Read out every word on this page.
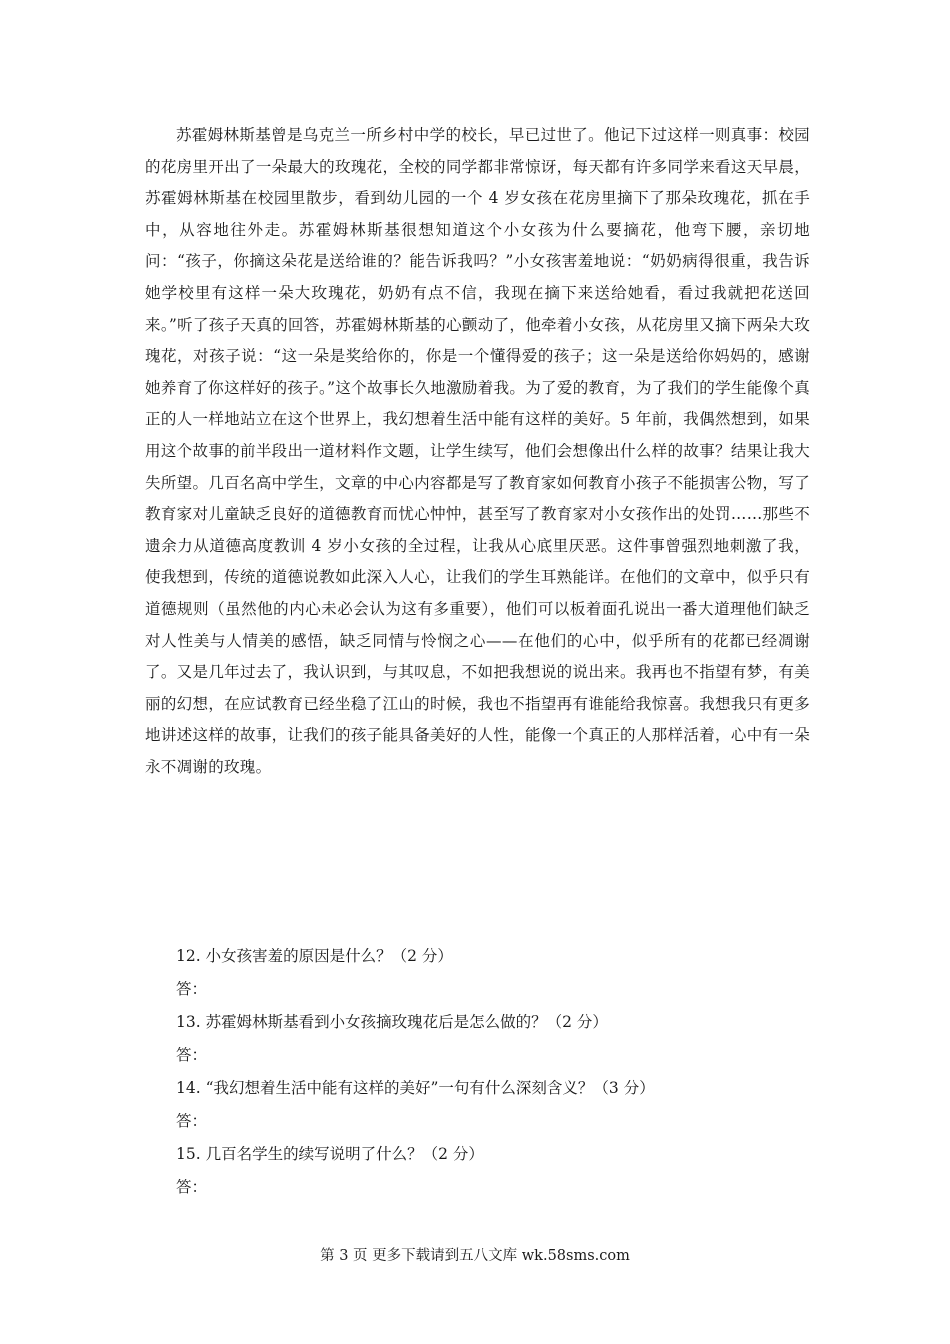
苏霍姆林斯基曾是乌克兰一所乡村中学的校长，早已过世了。他记下过这样一则真事：校园的花房里开出了一朵最大的玫瑰花，全校的同学都非常惊讶，每天都有许多同学来看这天早晨，苏霍姆林斯基在校园里散步，看到幼儿园的一个 4 岁女孩在花房里摘下了那朵玫瑰花，抓在手中，从容地往外走。苏霍姆林斯基很想知道这个小女孩为什么要摘花，他弯下腰，亲切地问：“孩子，你摘这朵花是送给谁的？能告诉我吗？”小女孩害羞地说：“奶奶病得很重，我告诉她学校里有这样一朵大玫瑰花，奶奶有点不信，我现在摘下来送给她看，看过我就把花送回来。”听了孩子天真的回答，苏霍姆林斯基的心颤动了，他牵着小女孩，从花房里又摘下两朵大玫瑰花，对孩子说：“这一朵是奖给你的，你是一个懂得爱的孩子；这一朵是送给你妈妈的，感谢她养育了你这样好的孩子。”这个故事长久地激励着我。为了爱的教育，为了我们的学生能像个真正的人一样地站立在这个世界上，我幻想着生活中能有这样的美好。5 年前，我偶然想到，如果用这个故事的前半段出一道材料作文题，让学生续写，他们会想像出什么样的故事？结果让我大失所望。几百名高中学生，文章的中心内容都是写了教育家如何教育小孩子不能损害公物，写了教育家对儿童缺乏良好的道德教育而忧心忡忡，甚至写了教育家对小女孩作出的处罚……那些不遗余力从道德高度教训 4 岁小女孩的全过程，让我从心底里厌恶。这件事曾强烈地刺激了我，使我想到，传统的道德说教如此深入人心，让我们的学生耳熟能详。在他们的文章中，似乎只有道德规则（虽然他的内心未必会认为这有多重要），他们可以板着面孔说出一番大道理他们缺乏对人性美与人情美的感悟，缺乏同情与怜悯之心——在他们的心中，似乎所有的花都已经凋谢了。又是几年过去了，我认识到，与其叹息，不如把我想说的说出来。我再也不指望有梦，有美丽的幻想，在应试教育已经坐稳了江山的时候，我也不指望再有谁能给我惊喜。我想我只有更多地讲述这样的故事，让我们的孩子能具备美好的人性，能像一个真正的人那样活着，心中有一朵永不凋谢的玫瑰。
12. 小女孩害羞的原因是什么？（2 分）
答：
13. 苏霍姆林斯基看到小女孩摘玫瑰花后是怎么做的？（2 分）
答：
14. “我幻想着生活中能有这样的美好”一句有什么深刻含义？（3 分）
答：
15. 几百名学生的续写说明了什么？（2 分）
答：
第 3 页 更多下载请到五八文库 wk.58sms.com
